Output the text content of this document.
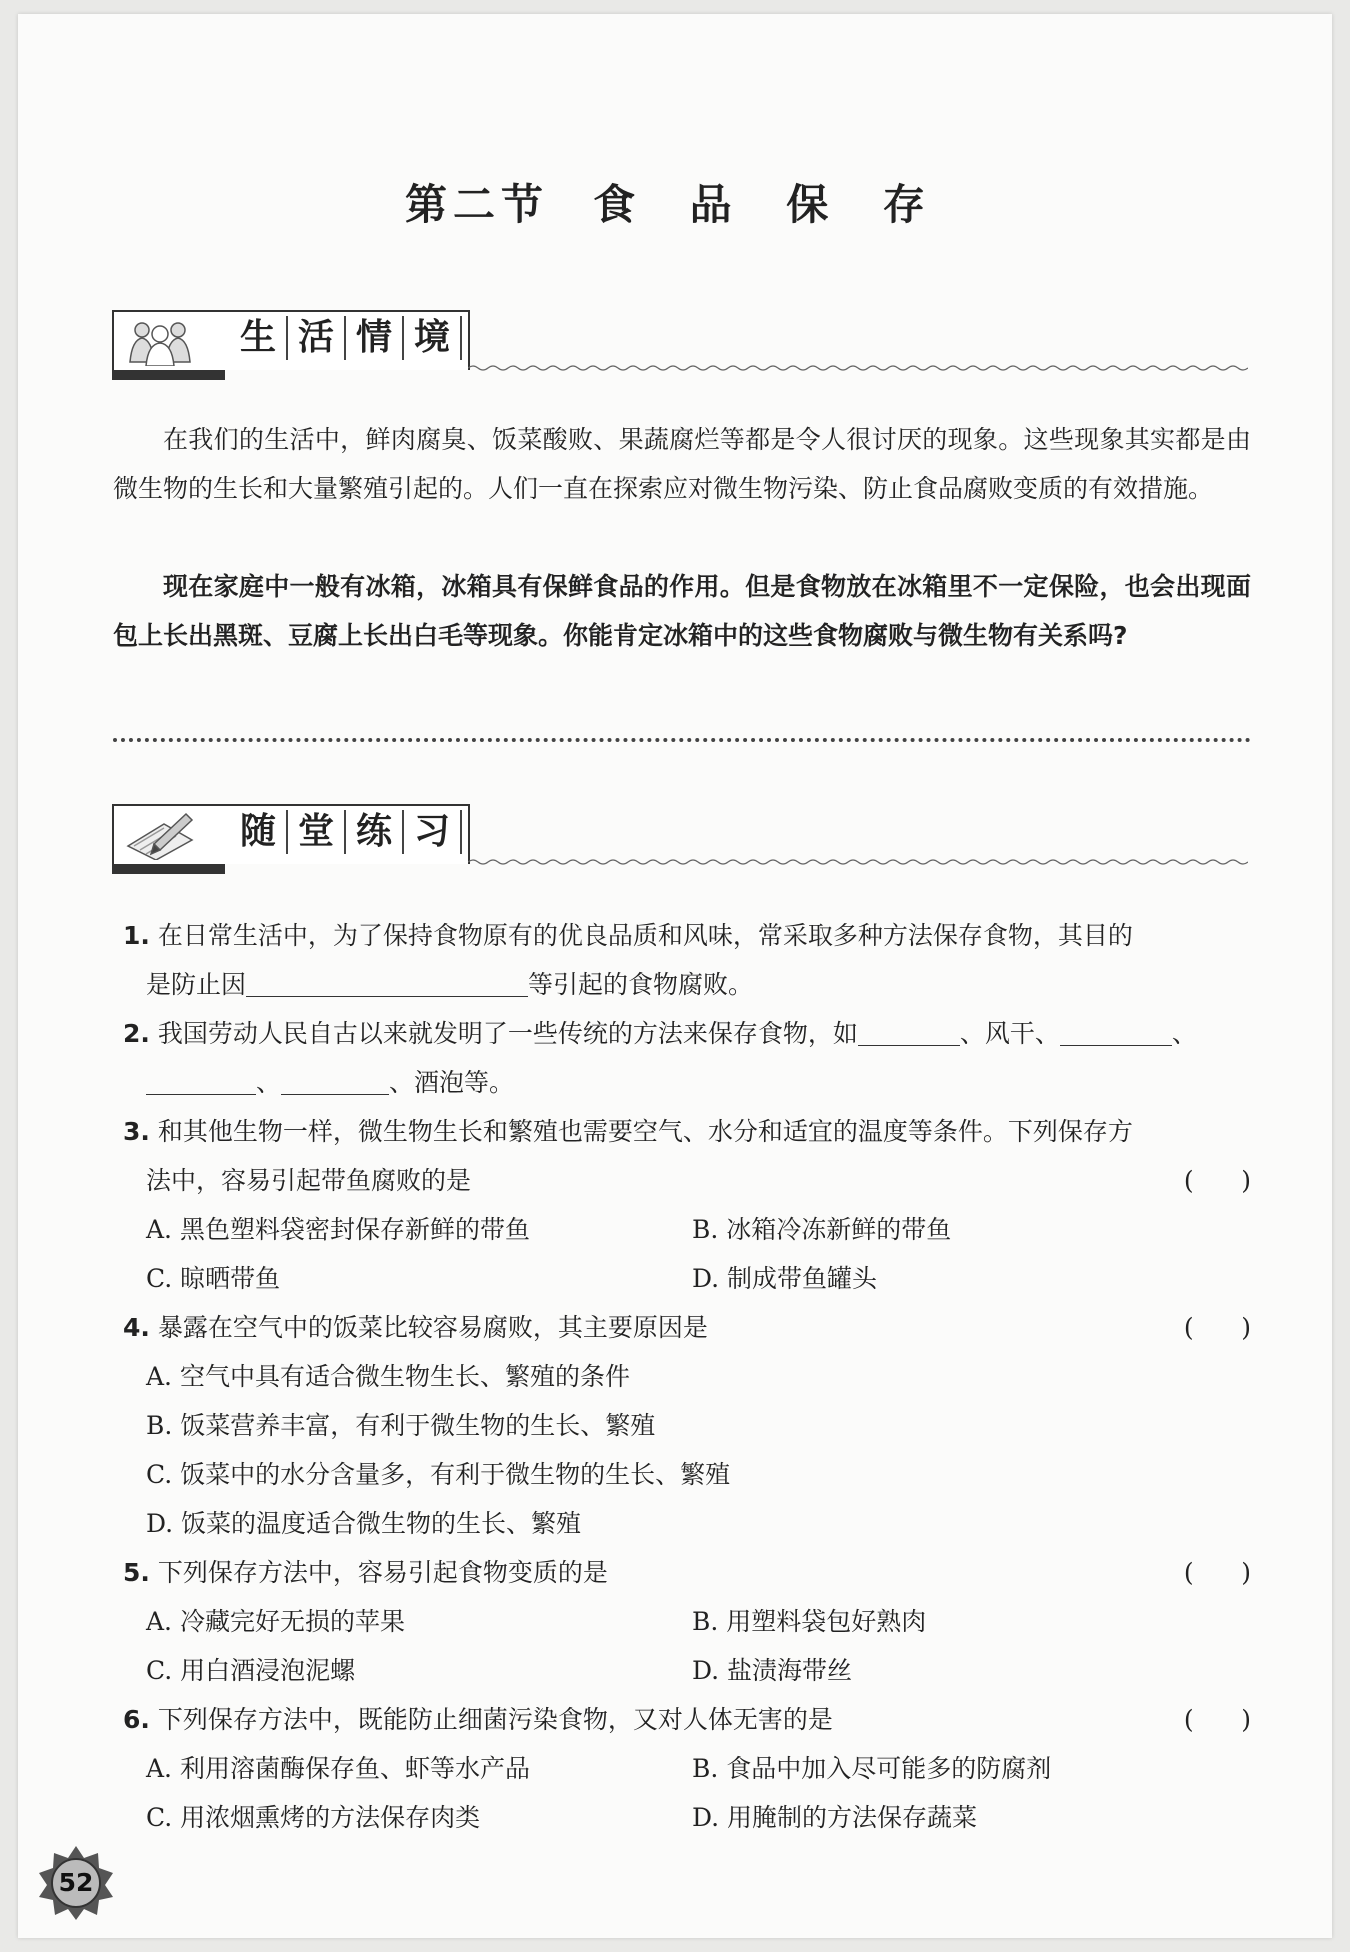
第二节 食 品 保 存
生 活 情 境
在我们的生活中，鲜肉腐臭、饭菜酸败、果蔬腐烂等都是令人很讨厌的现象。这些现象其实都是由微生物的生长和大量繁殖引起的。人们一直在探索应对微生物污染、防止食品腐败变质的有效措施。
现在家庭中一般有冰箱，冰箱具有保鲜食品的作用。但是食物放在冰箱里不一定保险，也会出现面包上长出黑斑、豆腐上长出白毛等现象。你能肯定冰箱中的这些食物腐败与微生物有关系吗?
随 堂 练 习
1. 在日常生活中，为了保持食物原有的优良品质和风味，常采取多种方法保存食物，其目的
是防止因	等引起的食物腐败。
2. 我国劳动人民自古以来就发明了一些传统的方法来保存食物，如	、风干、	、
、	、酒泡等。
3. 和其他生物一样，微生物生长和繁殖也需要空气、水分和适宜的温度等条件。下列保存方
法中，容易引起带鱼腐败的是	(      )
A. 黑色塑料袋密封保存新鲜的带鱼	B. 冰箱冷冻新鲜的带鱼
C. 晾晒带鱼	D. 制成带鱼罐头
4. 暴露在空气中的饭菜比较容易腐败，其主要原因是	(      )
A. 空气中具有适合微生物生长、繁殖的条件
B. 饭菜营养丰富，有利于微生物的生长、繁殖
C. 饭菜中的水分含量多，有利于微生物的生长、繁殖
D. 饭菜的温度适合微生物的生长、繁殖
5. 下列保存方法中，容易引起食物变质的是	(      )
A. 冷藏完好无损的苹果	B. 用塑料袋包好熟肉
C. 用白酒浸泡泥螺	D. 盐渍海带丝
6. 下列保存方法中，既能防止细菌污染食物，又对人体无害的是	(      )
A. 利用溶菌酶保存鱼、虾等水产品	B. 食品中加入尽可能多的防腐剂
C. 用浓烟熏烤的方法保存肉类	D. 用腌制的方法保存蔬菜
52
